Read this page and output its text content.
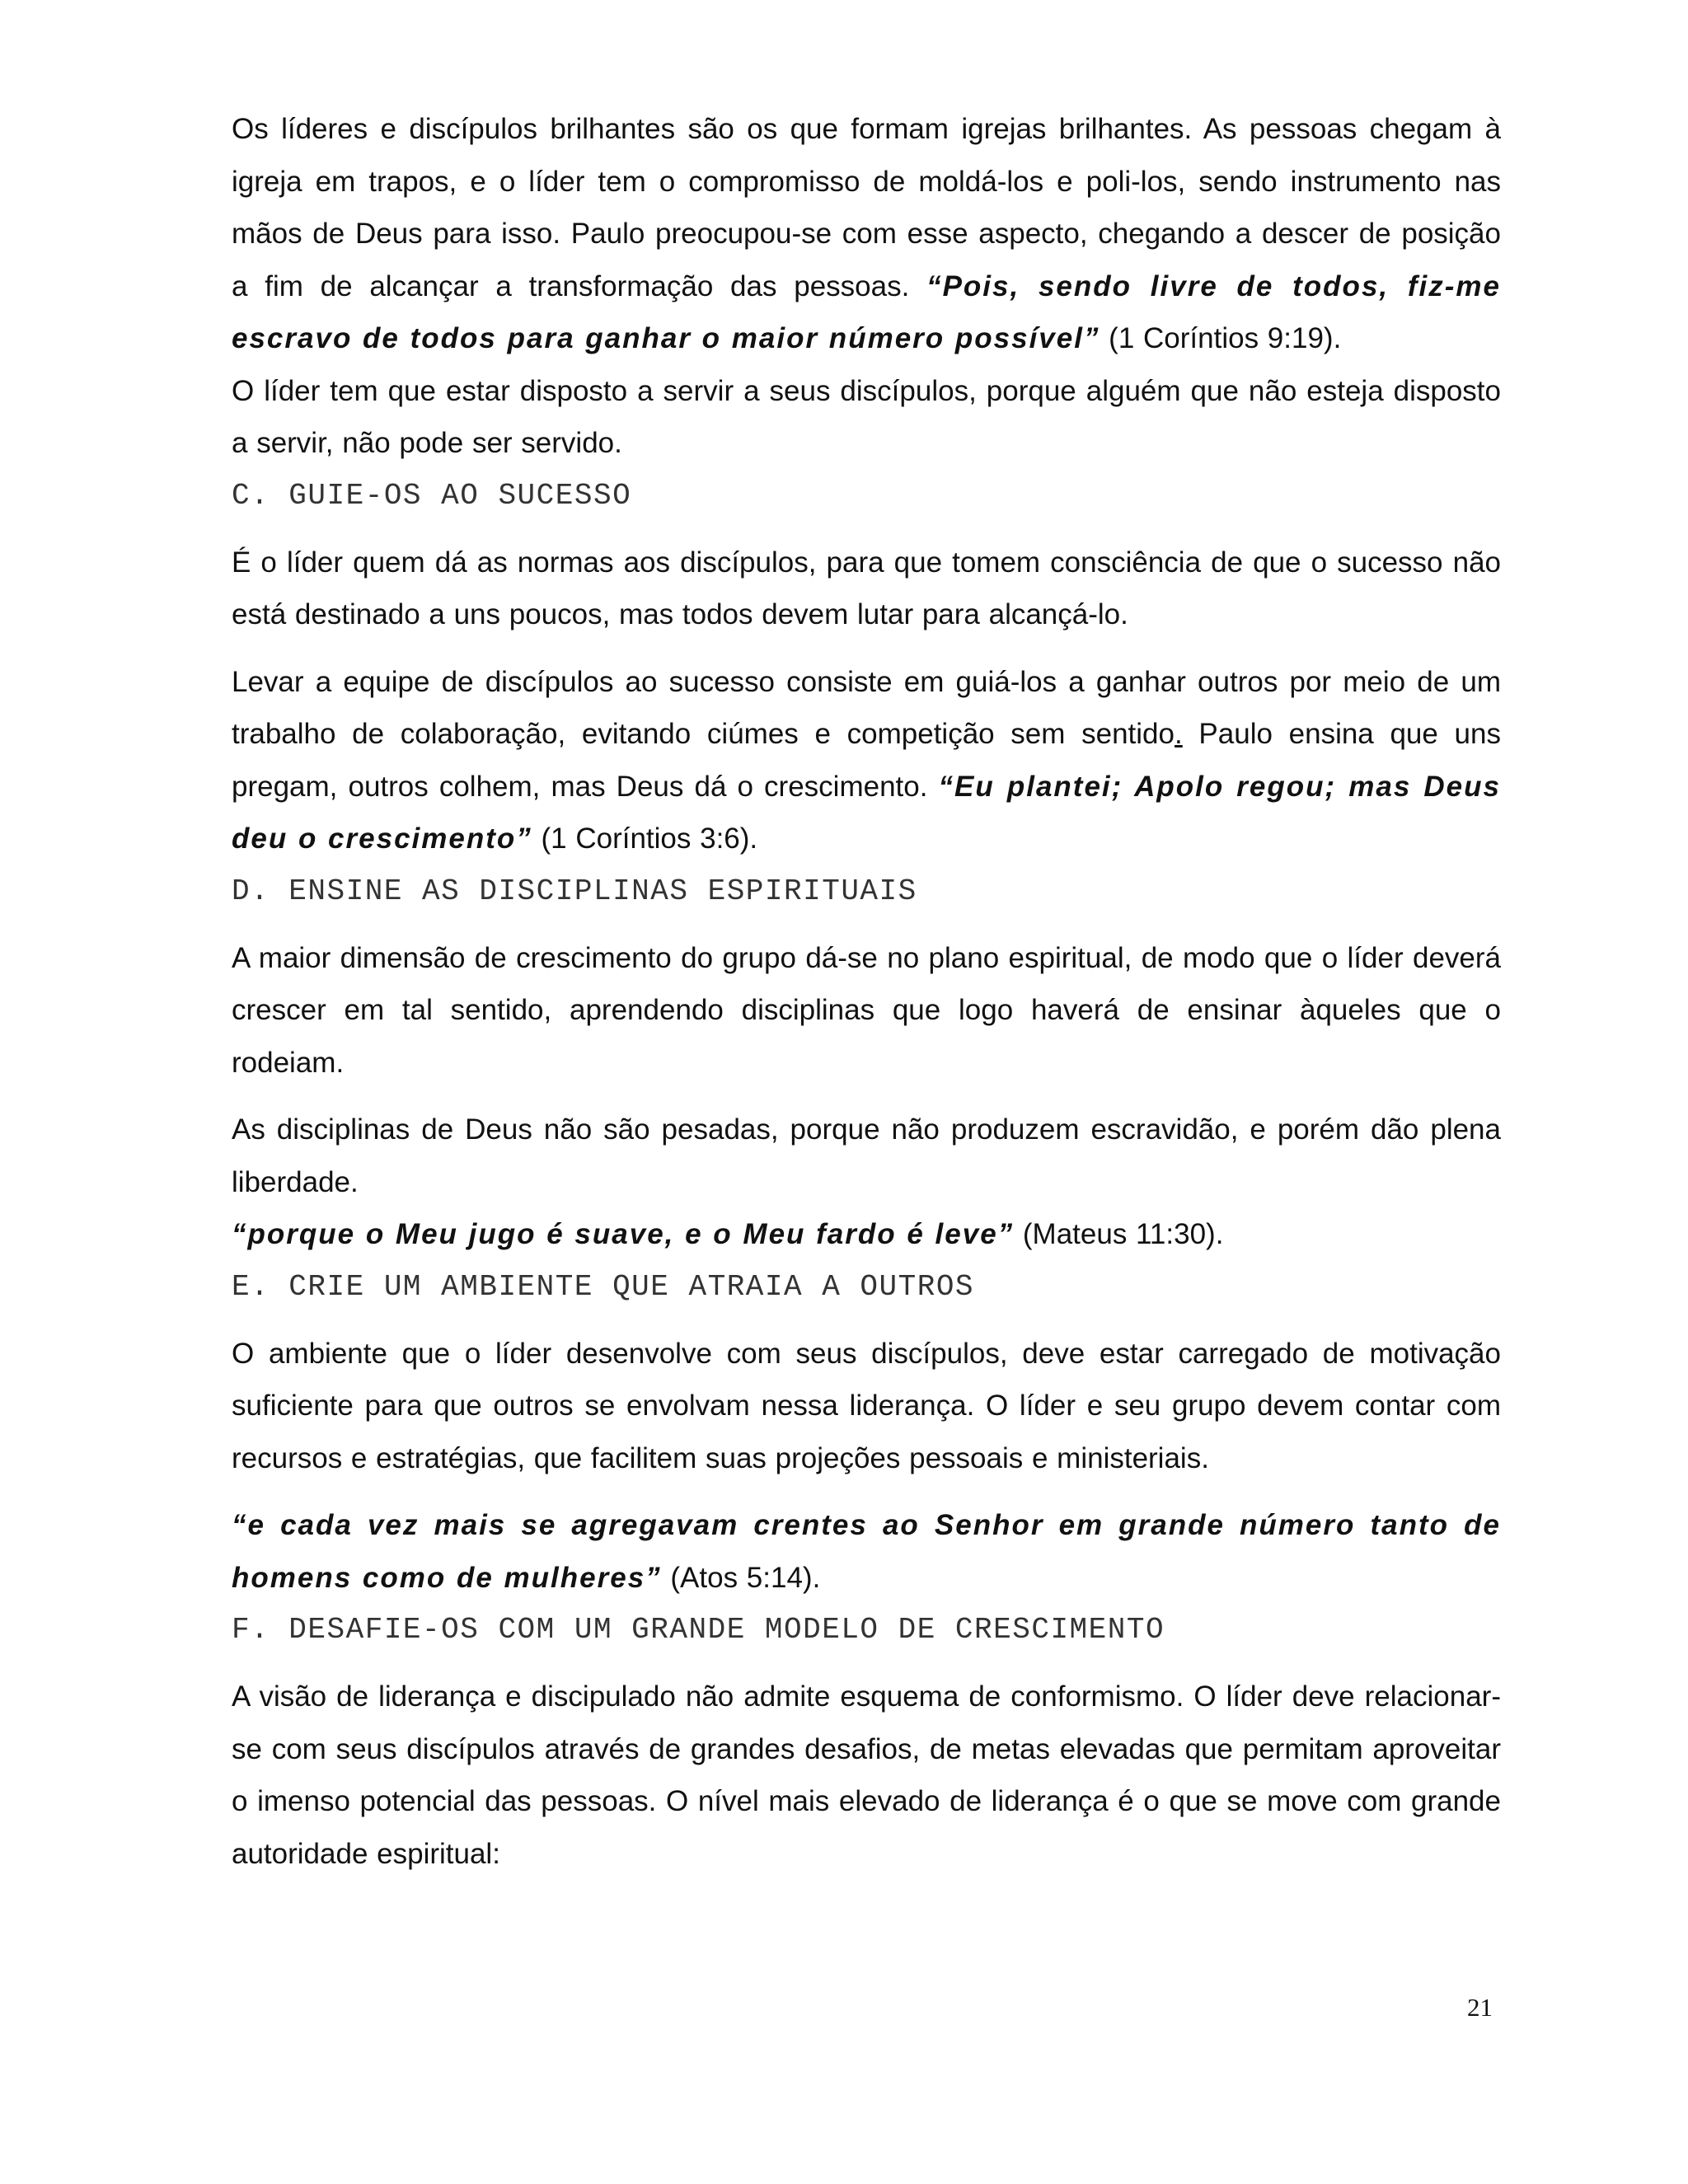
Os líderes e discípulos brilhantes são os que formam igrejas brilhantes. As pessoas chegam à igreja em trapos, e o líder tem o compromisso de moldá-los e poli-los, sendo instrumento nas mãos de Deus para isso. Paulo preocupou-se com esse aspecto, chegando a descer de posição a fim de alcançar a transformação das pessoas. “Pois, sendo livre de todos, fiz-me escravo de todos para ganhar o maior número possível” (1 Coríntios 9:19).

O líder tem que estar disposto a servir a seus discípulos, porque alguém que não esteja disposto a servir, não pode ser servido.

C. GUIE-OS AO SUCESSO

É o líder quem dá as normas aos discípulos, para que tomem consciência de que o sucesso não está destinado a uns poucos, mas todos devem lutar para alcançá-lo.

Levar a equipe de discípulos ao sucesso consiste em guiá-los a ganhar outros por meio de um trabalho de colaboração, evitando ciúmes e competição sem sentido. Paulo ensina que uns pregam, outros colhem, mas Deus dá o crescimento. “Eu plantei; Apolo regou; mas Deus deu o crescimento” (1 Coríntios 3:6).

D. ENSINE AS DISCIPLINAS ESPIRITUAIS

A maior dimensão de crescimento do grupo dá-se no plano espiritual, de modo que o líder deverá crescer em tal sentido, aprendendo disciplinas que logo haverá de ensinar àqueles que o rodeiam.

As disciplinas de Deus não são pesadas, porque não produzem escravidão, e porém dão plena liberdade.

“porque o Meu jugo é suave, e o Meu fardo é leve” (Mateus 11:30).

E. CRIE UM AMBIENTE QUE ATRAIA A OUTROS

O ambiente que o líder desenvolve com seus discípulos, deve estar carregado de motivação suficiente para que outros se envolvam nessa liderança. O líder e seu grupo devem contar com recursos e estratégias, que facilitem suas projeções pessoais e ministeriais.

“e cada vez mais se agregavam crentes ao Senhor em grande número tanto de homens como de mulheres” (Atos 5:14).

F. DESAFIE-OS COM UM GRANDE MODELO DE CRESCIMENTO

A visão de liderança e discipulado não admite esquema de conformismo. O líder deve relacionar-se com seus discípulos através de grandes desafios, de metas elevadas que permitam aproveitar o imenso potencial das pessoas. O nível mais elevado de liderança é o que se move com grande autoridade espiritual:

21
